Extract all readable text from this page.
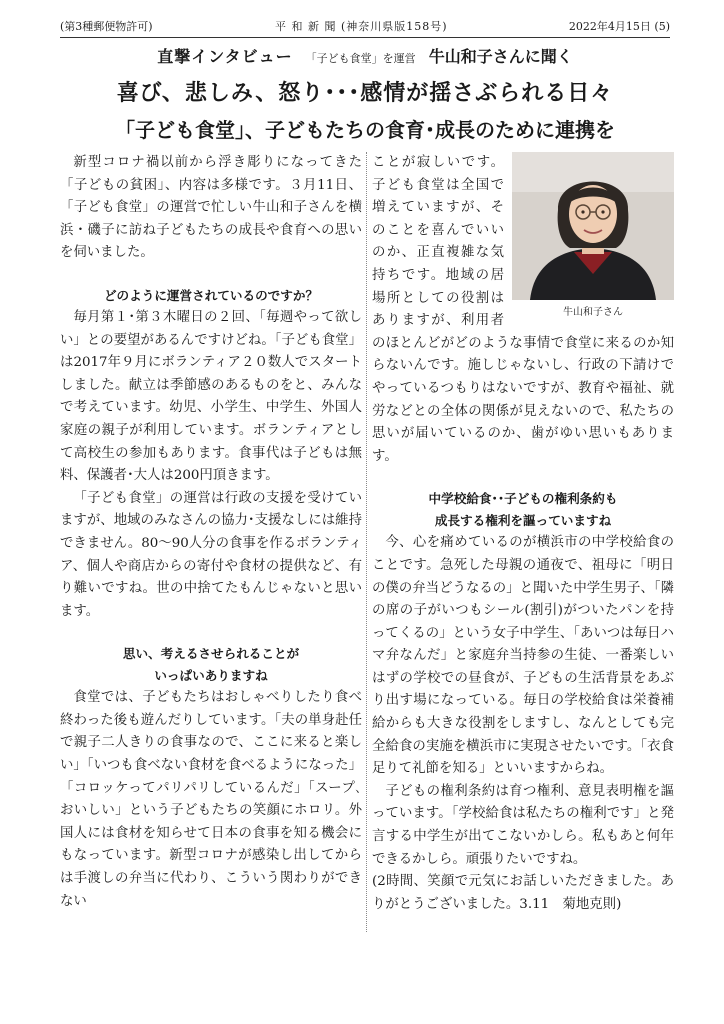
(第3種郵便物許可)	平 和 新 聞 (神奈川県版158号)	2022年4月15日 (5)
直撃インタビュー 「子ども食堂」を運営 牛山和子さんに聞く
喜び、悲しみ、怒り･･･感情が揺さぶられる日々
「子ども食堂」、子どもたちの食育･成長のために連携を

新型コロナ禍以前から浮き彫りになってきた「子どもの貧困」、内容は多様です。３月11日、「子ども食堂」の運営で忙しい牛山和子さんを横浜・磯子に訪ね子どもたちの成長や食育への思いを伺いました。

どのように運営されているのですか？

毎月第１･第３木曜日の２回、「毎週やって欲しい」との要望があるんですけどね。「子ども食堂」は2017年９月にボランティア２０数人でスタートしました。献立は季節感のあるものをと、みんなで考えています。幼児、小学生、中学生、外国人家庭の親子が利用しています。ボランティアとして高校生の参加もあります。食事代は子どもは無料、保護者･大人は200円頂きます。

「子ども食堂」の運営は行政の支援を受けていますが、地域のみなさんの協力･支援なしには維持できません。80～90人分の食事を作るボランティア、個人や商店からの寄付や食材の提供など、有り難いですね。世の中捨てたもんじゃないと思います。

思い、考えるさせられることが

いっぱいありますね

食堂では、子どもたちはおしゃべりしたり食べ終わった後も遊んだりしています。「夫の単身赴任で親子二人きりの食事なので、ここに来ると楽しい」「いつも食べない食材を食べるようになった」「コロッケってパリパリしているんだ」「スープ､おいしい」という子どもたちの笑顔にホロリ。外国人には食材を知らせて日本の食事を知る機会にもなっています。新型コロナが感染し出してからは手渡しの弁当に代わり、こういう関わりができない

牛山和子さん

ことが寂しいです。子ども食堂は全国で増えていますが、そのことを喜んでいいのか、正直複雑な気持ちです。地域の居場所としての役割はありますが、利用者のほとんどがどのような事情で食堂に来るのか知らないんです。施しじゃないし、行政の下請けでやっているつもりはないですが、教育や福祉、就労などとの全体の関係が見えないので、私たちの思いが届いているのか、歯がゆい思いもあります。

中学校給食･･子どもの権利条約も

成長する権利を謳っていますね

今、心を痛めているのが横浜市の中学校給食のことです。急死した母親の通夜で、祖母に「明日の僕の弁当どうなるの」と聞いた中学生男子、「隣の席の子がいつもシール(割引)がついたパンを持ってくるの」という女子中学生、「あいつは毎日ハマ弁なんだ」と家庭弁当持参の生徒、一番楽しいはずの学校での昼食が、子どもの生活背景をあぶり出す場になっている。毎日の学校給食は栄養補給からも大きな役割をしますし、なんとしても完全給食の実施を横浜市に実現させたいです。「衣食足りて礼節を知る」といいますからね。

子どもの権利条約は育つ権利、意見表明権を謳っています。「学校給食は私たちの権利です」と発言する中学生が出てこないかしら。私もあと何年できるかしら。頑張りたいですね。

(2時間、笑顔で元気にお話しいただきました。ありがとうございました。3.11　菊地克則)
